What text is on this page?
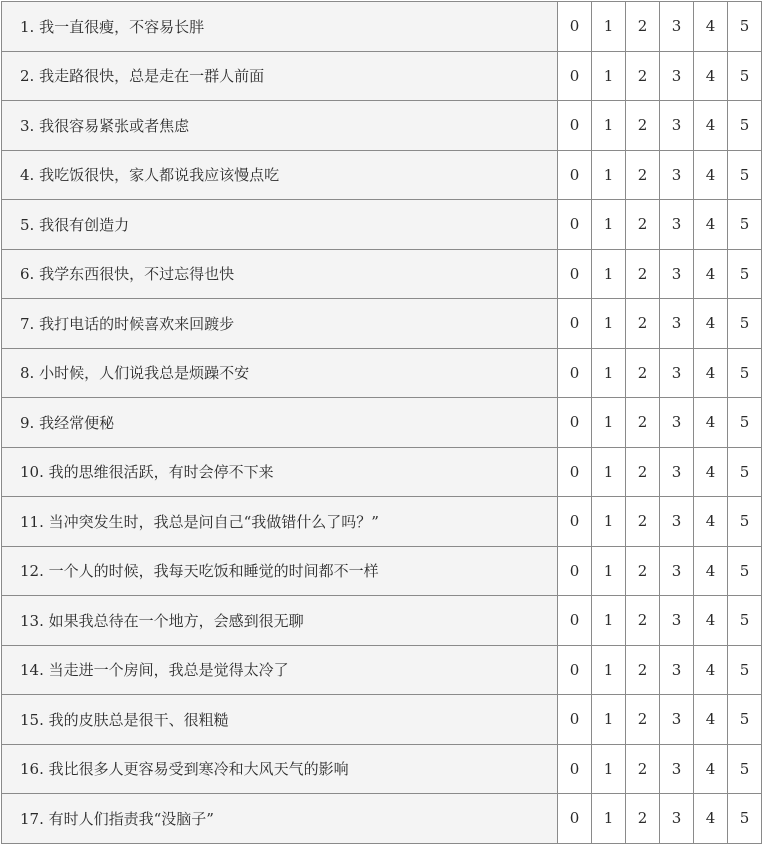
1. 我一直很瘦，不容易长胖	0	1	2	3	4	5
2. 我走路很快，总是走在一群人前面	0	1	2	3	4	5
3. 我很容易紧张或者焦虑	0	1	2	3	4	5
4. 我吃饭很快，家人都说我应该慢点吃	0	1	2	3	4	5
5. 我很有创造力	0	1	2	3	4	5
6. 我学东西很快，不过忘得也快	0	1	2	3	4	5
7. 我打电话的时候喜欢来回踱步	0	1	2	3	4	5
8. 小时候，人们说我总是烦躁不安	0	1	2	3	4	5
9. 我经常便秘	0	1	2	3	4	5
10. 我的思维很活跃，有时会停不下来	0	1	2	3	4	5
11. 当冲突发生时，我总是问自己“我做错什么了吗？”	0	1	2	3	4	5
12. 一个人的时候，我每天吃饭和睡觉的时间都不一样	0	1	2	3	4	5
13. 如果我总待在一个地方，会感到很无聊	0	1	2	3	4	5
14. 当走进一个房间，我总是觉得太冷了	0	1	2	3	4	5
15. 我的皮肤总是很干、很粗糙	0	1	2	3	4	5
16. 我比很多人更容易受到寒冷和大风天气的影响	0	1	2	3	4	5
17. 有时人们指责我“没脑子”	0	1	2	3	4	5
